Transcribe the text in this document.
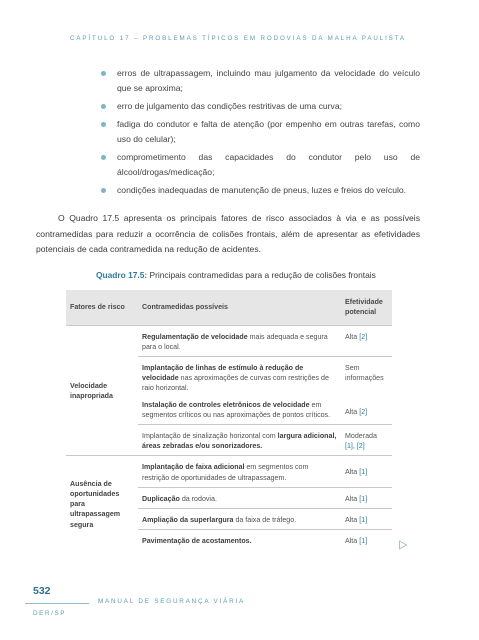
CAPÍTULO 17 – PROBLEMAS TÍPICOS EM RODOVIAS DA MALHA PAULISTA
erros de ultrapassagem, incluindo mau julgamento da velocidade do veículo que se aproxima;
erro de julgamento das condições restritivas de uma curva;
fadiga do condutor e falta de atenção (por empenho em outras tarefas, como uso do celular);
comprometimento das capacidades do condutor pelo uso de álcool/drogas/medicação;
condições inadequadas de manutenção de pneus, luzes e freios do veículo.

O Quadro 17.5 apresenta os principais fatores de risco associados à via e as possíveis contramedidas para reduzir a ocorrência de colisões frontais, além de apresentar as efetividades potenciais de cada contramedida na redução de acidentes.

Quadro 17.5: Principais contramedidas para a redução de colisões frontais
Fatores de risco	Contramedidas possíveis	Efetividade potencial
Velocidade inapropriada	Regulamentação de velocidade mais adequada e segura para o local.	Alta [2]
	Implantação de linhas de estímulo à redução de velocidade nas aproximações de curvas com restrições de raio horizontal.	Sem informações
	Instalação de controles eletrônicos de velocidade em segmentos críticos ou nas aproximações de pontos críticos.	Alta [2]
	Implantação de sinalização horizontal com largura adicional, áreas zebradas e/ou sonorizadores.	Moderada [1], [2]
Ausência de oportunidades para ultrapassagem segura	Implantação de faixa adicional em segmentos com restrição de oportunidades de ultrapassagem.	Alta [1]
	Duplicação da rodovia.	Alta [1]
	Ampliação da superlargura da faixa de tráfego.	Alta [1]
	Pavimentação de acostamentos.	Alta [1]
532
MANUAL DE SEGURANÇA VIÁRIA
DER/SP
